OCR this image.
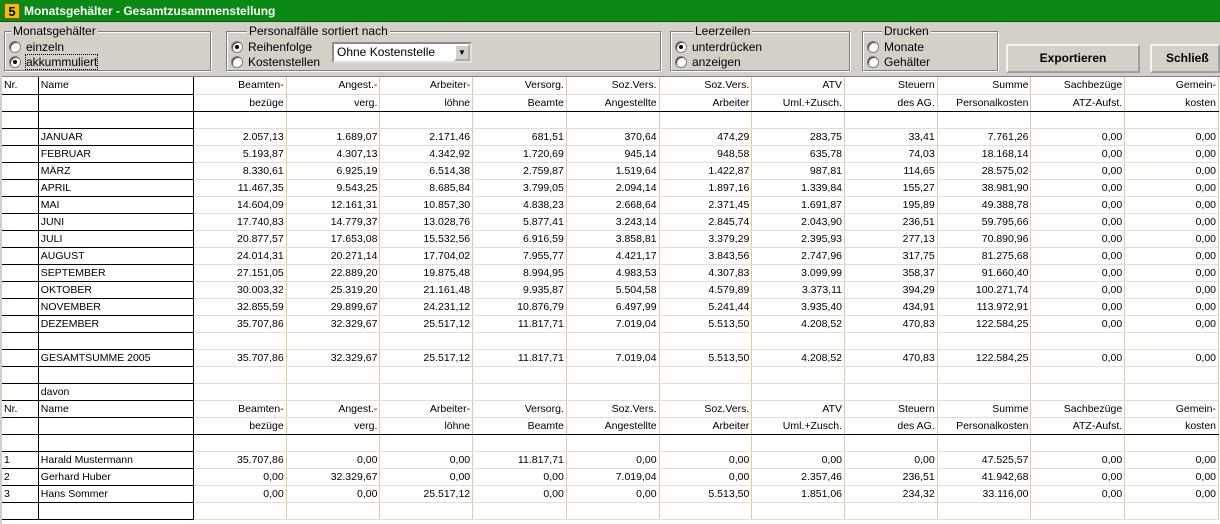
5 Monatsgehälter - Gesamtzusammenstellung
Monatsgehälter
einzeln
akkummuliert
Personalfälle sortiert nach
Reihenfolge
Kostenstellen
Ohne Kostenstelle	▼
Leerzeilen
unterdrücken
anzeigen
Drucken
Monate
Gehälter	Exportieren	Schließ
Nr.	Name	Beamten-	Angest.-	Arbeiter-	Versorg.	Soz.Vers.	Soz.Vers.	ATV	Steuern	Summe	Sachbezüge	Gemein-
		bezüge	verg.	löhne	Beamte	Angestellte	Arbeiter	Uml.+Zusch.	des AG.	Personalkosten	ATZ-Aufst.	kosten

	JANUAR	2.057,13	1.689,07	2.171,46	681,51	370,64	474,29	283,75	33,41	7.761,26	0,00	0,00
	FEBRUAR	5.193,87	4.307,13	4.342,92	1.720,69	945,14	948,58	635,78	74,03	18.168,14	0,00	0,00
	MÄRZ	8.330,61	6.925,19	6.514,38	2.759,87	1.519,64	1.422,87	987,81	114,65	28.575,02	0,00	0,00
	APRIL	11.467,35	9.543,25	8.685,84	3.799,05	2.094,14	1.897,16	1.339,84	155,27	38.981,90	0,00	0,00
	MAI	14.604,09	12.161,31	10.857,30	4.838,23	2.668,64	2.371,45	1.691,87	195,89	49.388,78	0,00	0,00
	JUNI	17.740,83	14.779,37	13.028,76	5.877,41	3.243,14	2.845,74	2.043,90	236,51	59.795,66	0,00	0,00
	JULI	20.877,57	17.653,08	15.532,56	6.916,59	3.858,81	3.379,29	2.395,93	277,13	70.890,96	0,00	0,00
	AUGUST	24.014,31	20.271,14	17.704,02	7.955,77	4.421,17	3.843,56	2.747,96	317,75	81.275,68	0,00	0,00
	SEPTEMBER	27.151,05	22.889,20	19.875,48	8.994,95	4.983,53	4.307,83	3.099,99	358,37	91.660,40	0,00	0,00
	OKTOBER	30.003,32	25.319,20	21.161,48	9.935,87	5.504,58	4.579,89	3.373,11	394,29	100.271,74	0,00	0,00
	NOVEMBER	32.855,59	29.899,67	24.231,12	10.876,79	6.497,99	5.241,44	3.935,40	434,91	113.972,91	0,00	0,00
	DEZEMBER	35.707,86	32.329,67	25.517,12	11.817,71	7.019,04	5.513,50	4.208,52	470,83	122.584,25	0,00	0,00

	GESAMTSUMME 2005	35.707,86	32.329,67	25.517,12	11.817,71	7.019,04	5.513,50	4.208,52	470,83	122.584,25	0,00	0,00

	davon											
Nr.	Name	Beamten-	Angest.-	Arbeiter-	Versorg.	Soz.Vers.	Soz.Vers.	ATV	Steuern	Summe	Sachbezüge	Gemein-
		bezüge	verg.	löhne	Beamte	Angestellte	Arbeiter	Uml.+Zusch.	des AG.	Personalkosten	ATZ-Aufst.	kosten

1	Harald Mustermann	35.707,86	0,00	0,00	11.817,71	0,00	0,00	0,00	0,00	47.525,57	0,00	0,00
2	Gerhard Huber	0,00	32.329,67	0,00	0,00	7.019,04	0,00	2.357,46	236,51	41.942,68	0,00	0,00
3	Hans Sommer	0,00	0,00	25.517,12	0,00	0,00	5.513,50	1.851,06	234,32	33.116,00	0,00	0,00
